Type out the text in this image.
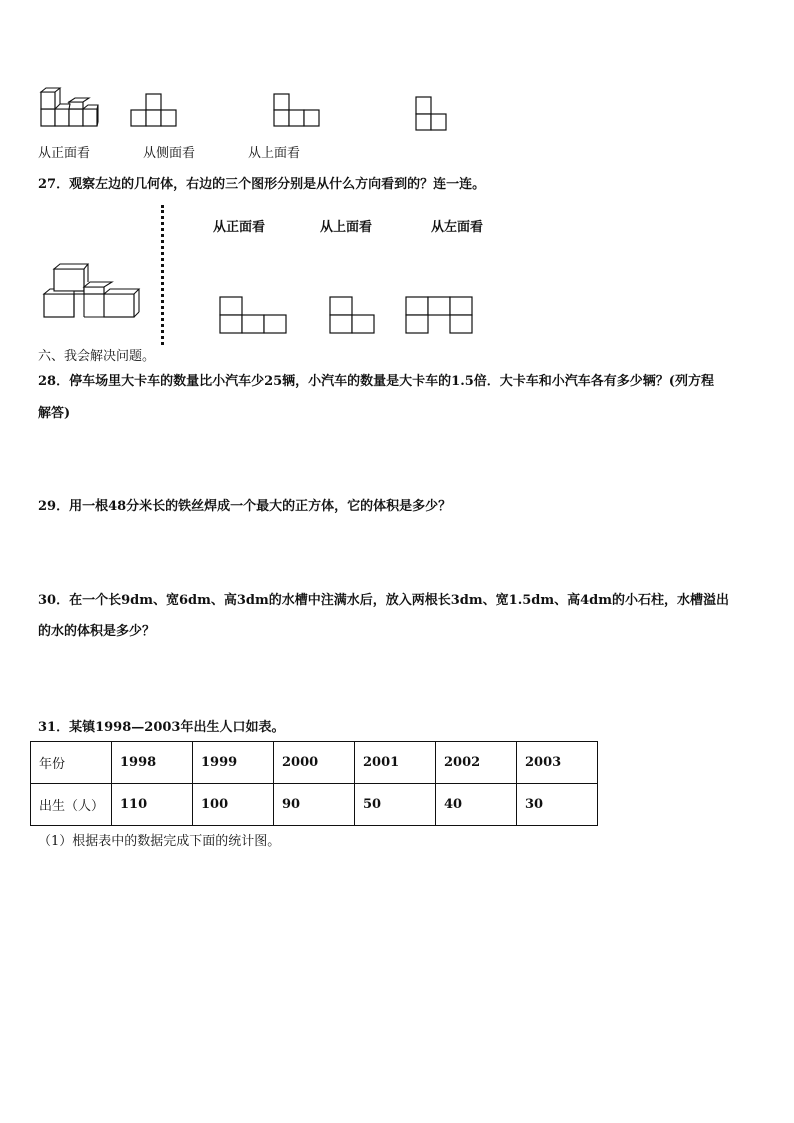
从正面看	从侧面看	从上面看
27．观察左边的几何体，右边的三个图形分别是从什么方向看到的？连一连。
从正面看	从上面看	从左面看
六、我会解决问题。
28．停车场里大卡车的数量比小汽车少25辆，小汽车的数量是大卡车的1.5倍．大卡车和小汽车各有多少辆？(列方程
解答)
29．用一根48分米长的铁丝焊成一个最大的正方体，它的体积是多少？
30．在一个长9dm、宽6dm、高3dm的水槽中注满水后，放入两根长3dm、宽1.5dm、高4dm的小石柱，水槽溢出
的水的体积是多少？
31．某镇1998—2003年出生人口如表。
年份	1998	1999	2000	2001	2002	2003
出生（人）	110	100	90	50	40	30
（1）根据表中的数据完成下面的统计图。
